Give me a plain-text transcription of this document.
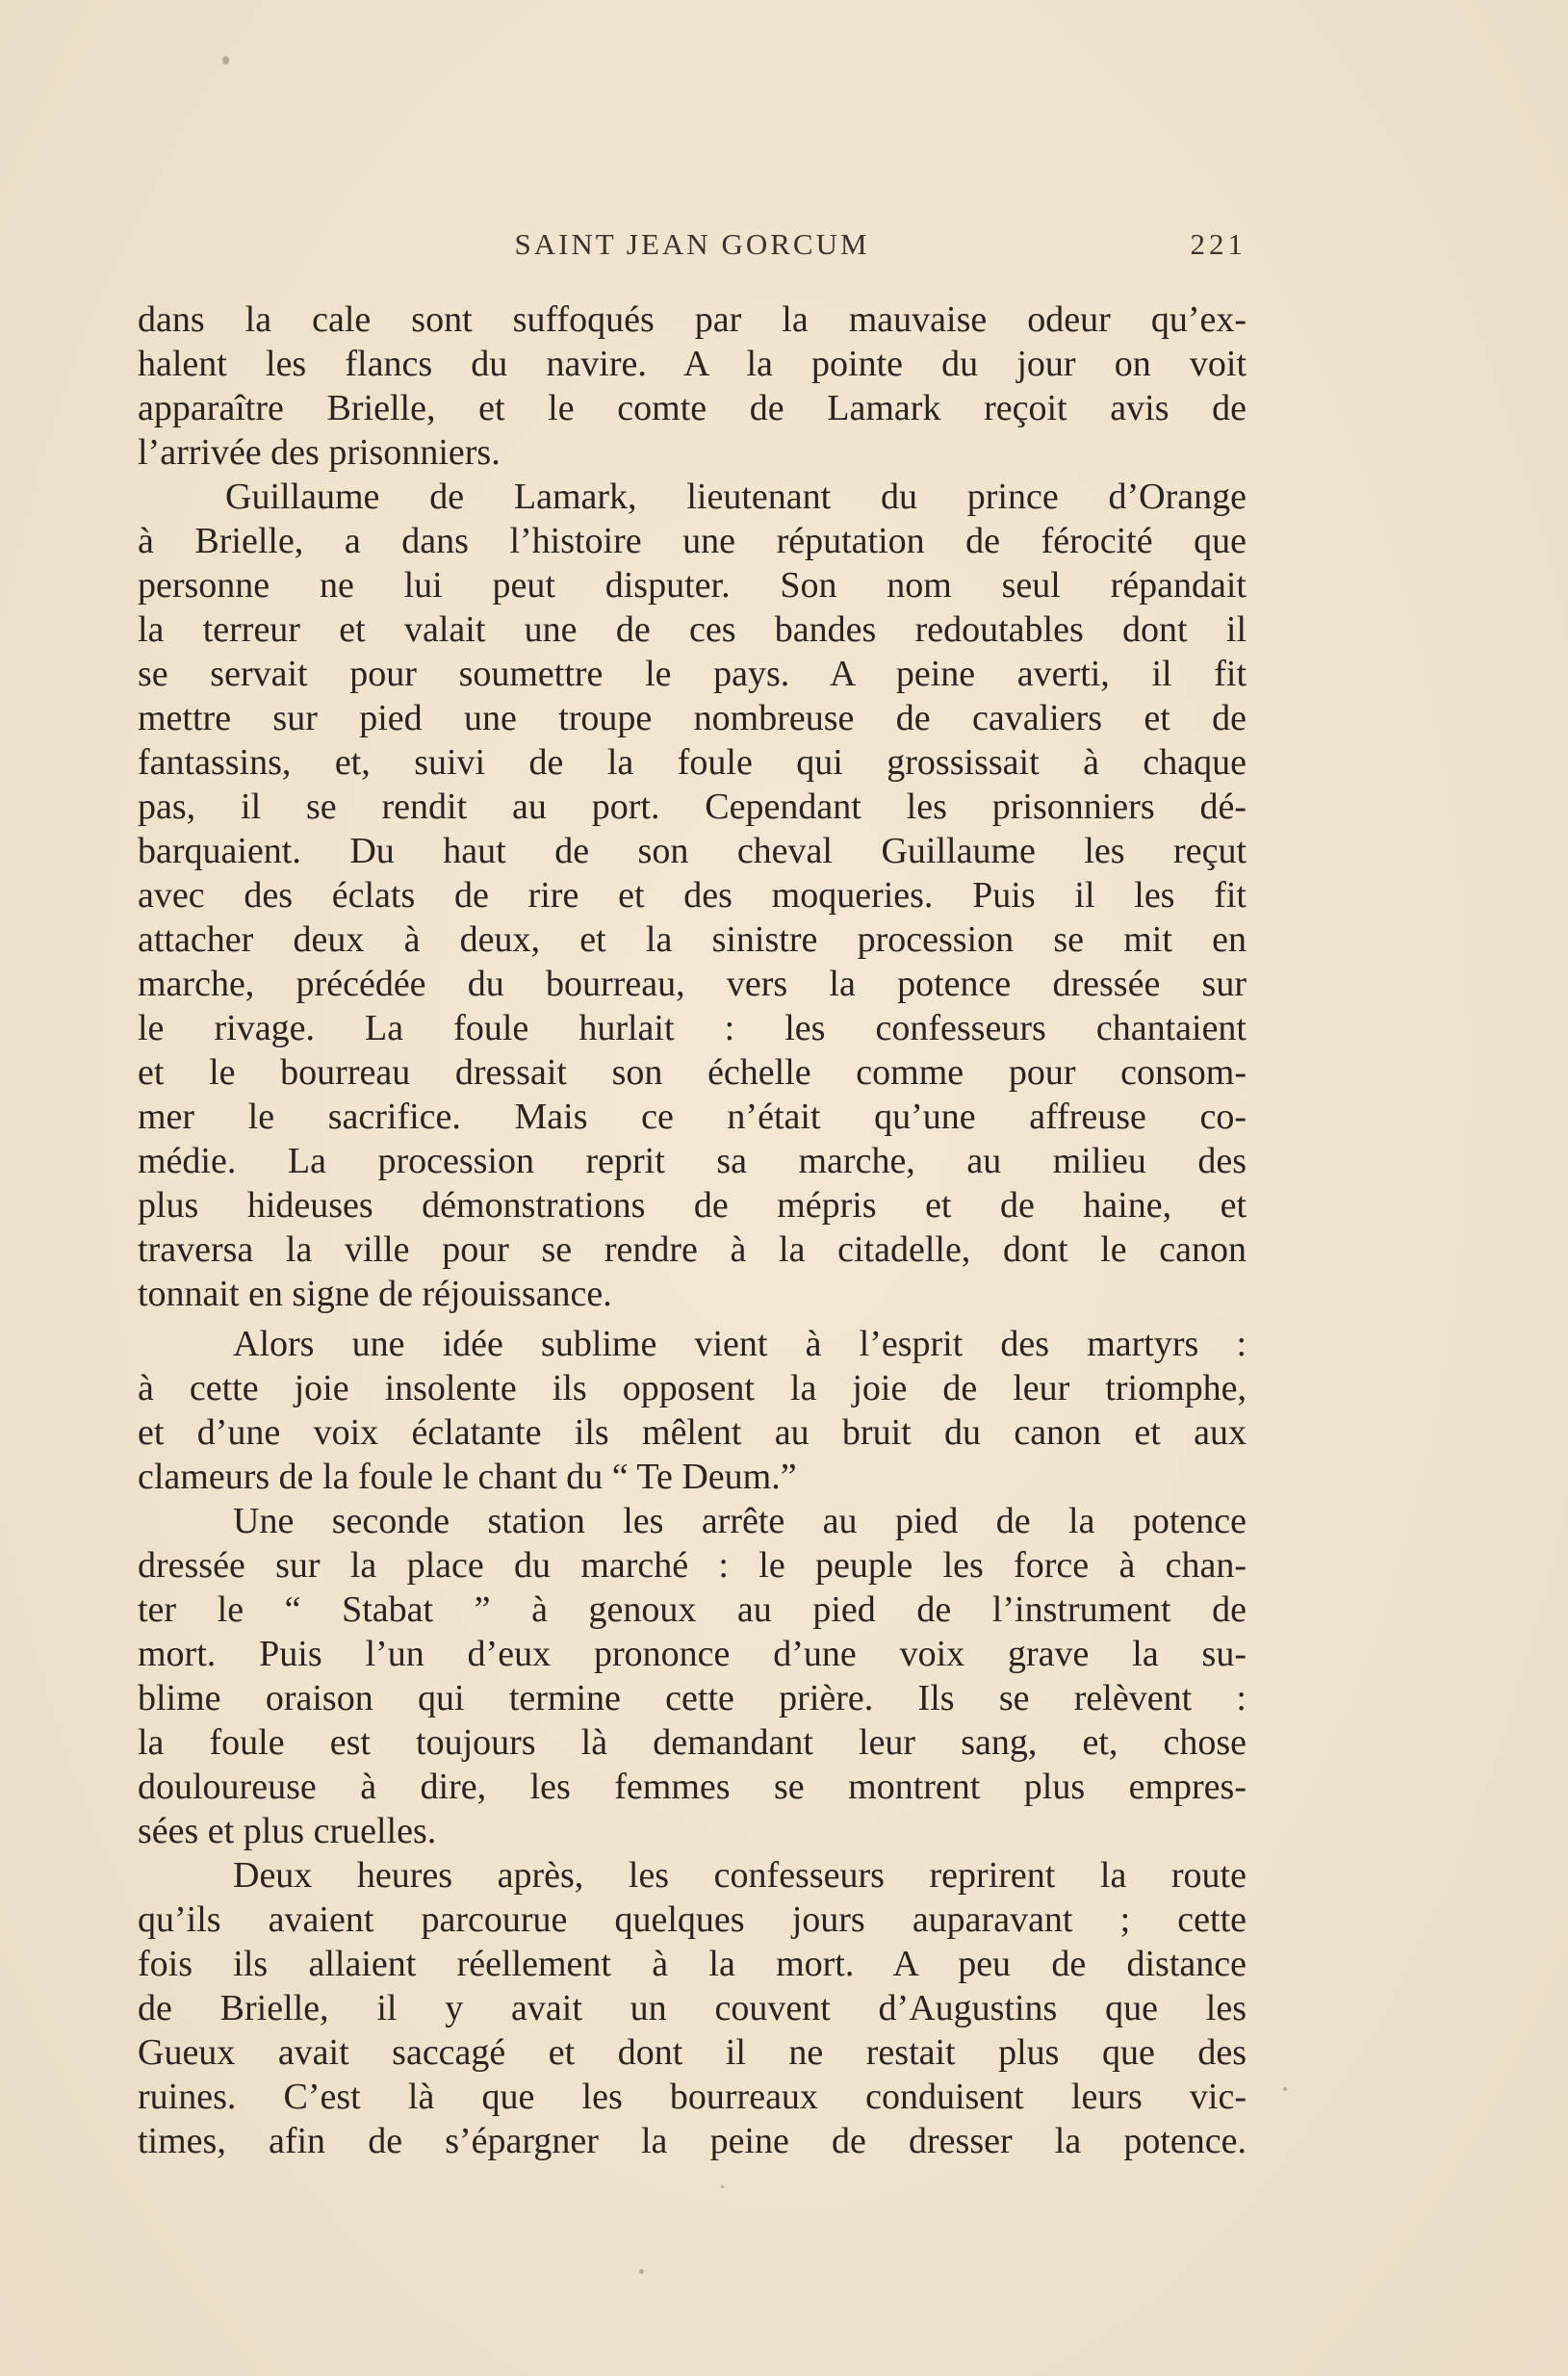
SAINT JEAN GORCUM	221
dans la cale sont suffoqués par la mauvaise odeur qu’ex-
halent les flancs du navire. A la pointe du jour on voit
apparaître Brielle, et le comte de Lamark reçoit avis de
l’arrivée des prisonniers.
Guillaume de Lamark, lieutenant du prince d’Orange
à Brielle, a dans l’histoire une réputation de férocité que
personne ne lui peut disputer. Son nom seul répandait
la terreur et valait une de ces bandes redoutables dont il
se servait pour soumettre le pays. A peine averti, il fit
mettre sur pied une troupe nombreuse de cavaliers et de
fantassins, et, suivi de la foule qui grossissait à chaque
pas, il se rendit au port. Cependant les prisonniers dé-
barquaient. Du haut de son cheval Guillaume les reçut
avec des éclats de rire et des moqueries. Puis il les fit
attacher deux à deux, et la sinistre procession se mit en
marche, précédée du bourreau, vers la potence dressée sur
le rivage. La foule hurlait : les confesseurs chantaient
et le bourreau dressait son échelle comme pour consom-
mer le sacrifice. Mais ce n’était qu’une affreuse co-
médie. La procession reprit sa marche, au milieu des
plus hideuses démonstrations de mépris et de haine, et
traversa la ville pour se rendre à la citadelle, dont le canon
tonnait en signe de réjouissance.
Alors une idée sublime vient à l’esprit des martyrs :
à cette joie insolente ils opposent la joie de leur triomphe,
et d’une voix éclatante ils mêlent au bruit du canon et aux
clameurs de la foule le chant du “ Te Deum.”
Une seconde station les arrête au pied de la potence
dressée sur la place du marché : le peuple les force à chan-
ter le “ Stabat ” à genoux au pied de l’instrument de
mort. Puis l’un d’eux prononce d’une voix grave la su-
blime oraison qui termine cette prière. Ils se relèvent :
la foule est toujours là demandant leur sang, et, chose
douloureuse à dire, les femmes se montrent plus empres-
sées et plus cruelles.
Deux heures après, les confesseurs reprirent la route
qu’ils avaient parcourue quelques jours auparavant ; cette
fois ils allaient réellement à la mort. A peu de distance
de Brielle, il y avait un couvent d’Augustins que les
Gueux avait saccagé et dont il ne restait plus que des
ruines. C’est là que les bourreaux conduisent leurs vic-
times, afin de s’épargner la peine de dresser la potence.
